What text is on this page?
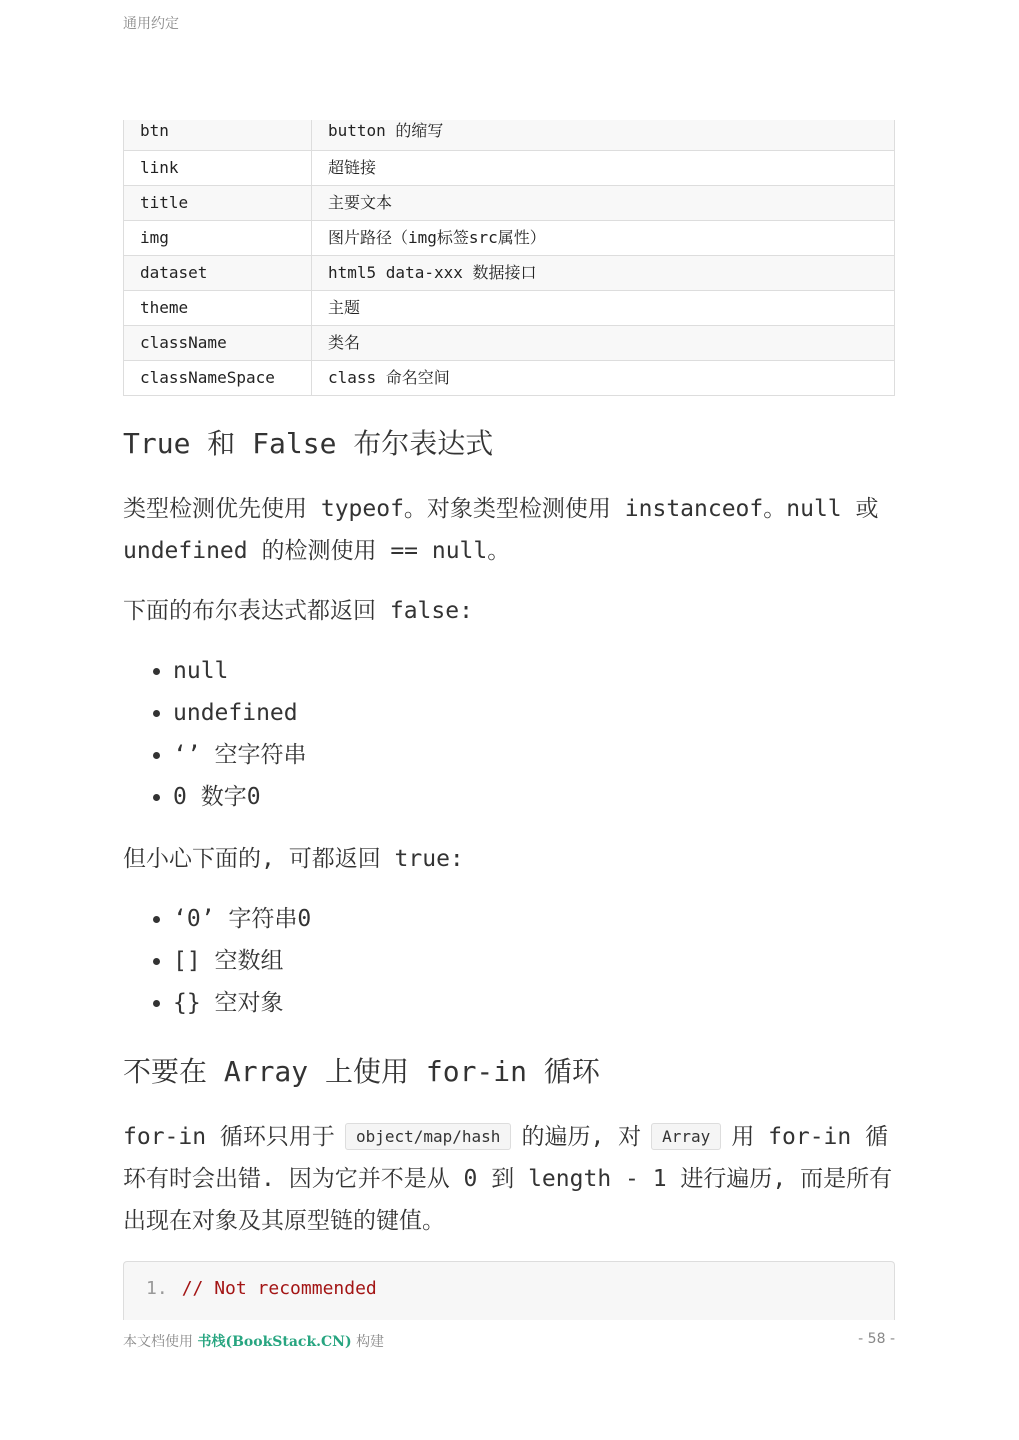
通用约定
btn	button 的缩写
link	超链接
title	主要文本
img	图片路径（img标签src属性）
dataset	html5 data-xxx 数据接口
theme	主题
className	类名
classNameSpace	class 命名空间
True 和 False 布尔表达式

类型检测优先使用 typeof。对象类型检测使用 instanceof。null 或 undefined 的检测使用 == null。

下面的布尔表达式都返回 false:

• null
• undefined
• ‘’ 空字符串
• 0 数字0

但小心下面的, 可都返回 true:

• ‘0’ 字符串0
• [] 空数组
• {} 空对象
不要在 Array 上使用 for-in 循环

for-in 循环只用于 object/map/hash 的遍历, 对 Array 用 for-in 循环有时会出错. 因为它并不是从 0 到 length - 1 进行遍历, 而是所有出现在对象及其原型链的键值。

1. // Not recommended
本文档使用 书栈(BookStack.CN) 构建	- 58 -
